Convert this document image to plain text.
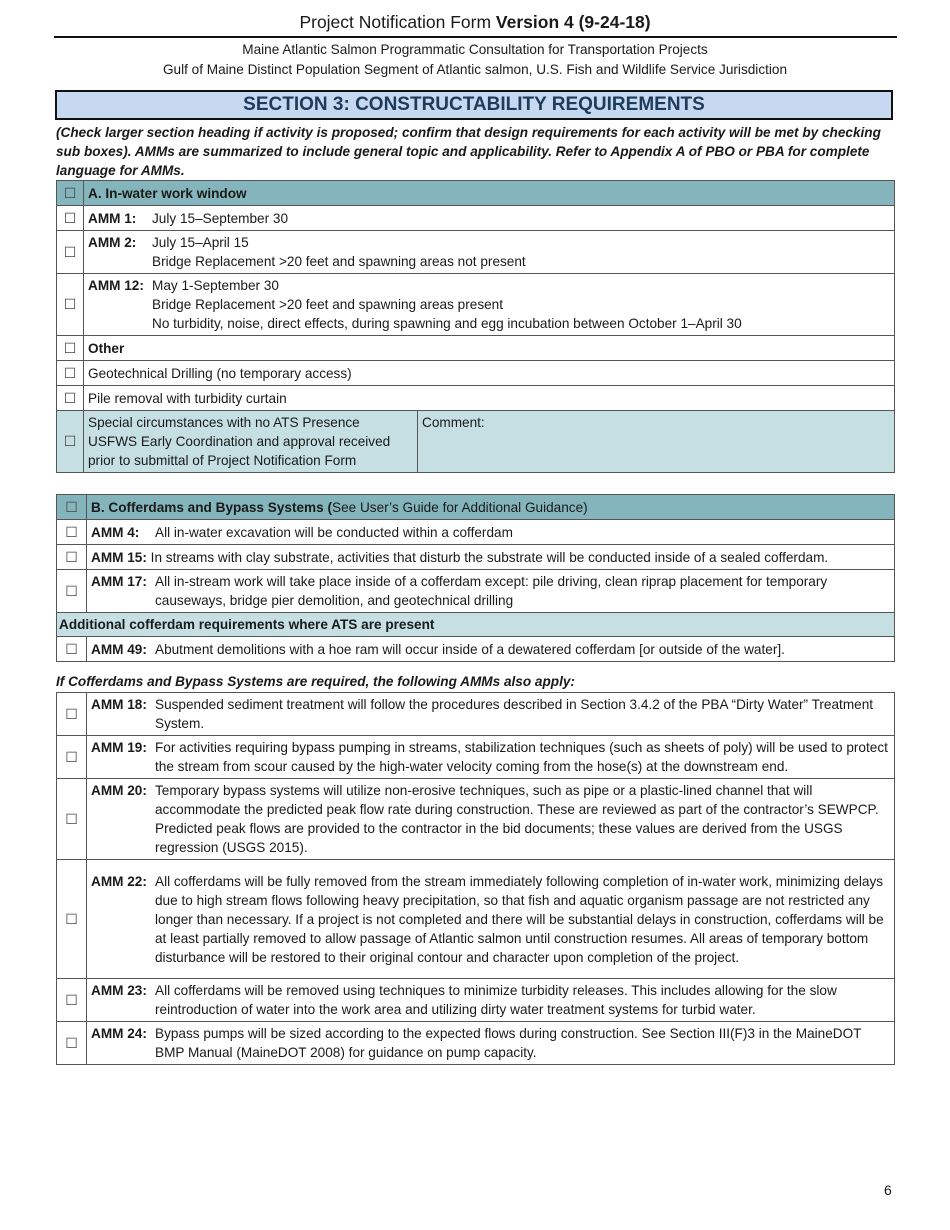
Project Notification Form Version 4 (9-24-18)
Maine Atlantic Salmon Programmatic Consultation for Transportation Projects
Gulf of Maine Distinct Population Segment of Atlantic salmon, U.S. Fish and Wildlife Service Jurisdiction
SECTION 3: CONSTRUCTABILITY REQUIREMENTS
(Check larger section heading if activity is proposed; confirm that design requirements for each activity will be met by checking sub boxes). AMMs are summarized to include general topic and applicability. Refer to Appendix A of PBO or PBA for complete language for AMMs.
☐	A. In-water work window	
☐	AMM 1: July 15–September 30	

☐	AMM 2: July 15–April 15
Bridge Replacement >20 feet and spawning areas not present	

☐	AMM 12: May 1-September 30
Bridge Replacement >20 feet and spawning areas present
No turbidity, noise, direct effects, during spawning and egg incubation between October 1–April 30	

☐	Other	
☐	Geotechnical Drilling (no temporary access)	
☐	Pile removal with turbidity curtain	
☐	Special circumstances with no ATS Presence
USFWS Early Coordination and approval received
prior to submittal of Project Notification Form	Comment:
☐	B. Cofferdams and Bypass Systems (See User’s Guide for Additional Guidance)
☐	AMM 4: All in-water excavation will be conducted within a cofferdam

☐	AMM 15: In streams with clay substrate, activities that disturb the substrate will be conducted inside of a sealed cofferdam.
☐	AMM 17: All in-stream work will take place inside of a cofferdam except: pile driving, clean riprap placement for temporary causeways, bridge pier demolition, and geotechnical drilling

Additional cofferdam requirements where ATS are present	
☐	AMM 49: Abutment demolitions with a hoe ram will occur inside of a dewatered cofferdam [or outside of the water].
If Cofferdams and Bypass Systems are required, the following AMMs also apply:
☐	AMM 18: Suspended sediment treatment will follow the procedures described in Section 3.4.2 of the PBA “Dirty Water” Treatment System.

☐	AMM 19: For activities requiring bypass pumping in streams, stabilization techniques (such as sheets of poly) will be used to protect the stream from scour caused by the high-water velocity coming from the hose(s) at the downstream end.

☐	AMM 20: Temporary bypass systems will utilize non-erosive techniques, such as pipe or a plastic-lined channel that will accommodate the predicted peak flow rate during construction. These are reviewed as part of the contractor’s SEWPCP. Predicted peak flows are provided to the contractor in the bid documents; these values are derived from the USGS regression (USGS 2015).

☐	AMM 22: All cofferdams will be fully removed from the stream immediately following completion of in-water work, minimizing delays due to high stream flows following heavy precipitation, so that fish and aquatic organism passage are not restricted any longer than necessary. If a project is not completed and there will be substantial delays in construction, cofferdams will be at least partially removed to allow passage of Atlantic salmon until construction resumes. All areas of temporary bottom disturbance will be restored to their original contour and character upon completion of the project.

☐	AMM 23: All cofferdams will be removed using techniques to minimize turbidity releases. This includes allowing for the slow reintroduction of water into the work area and utilizing dirty water treatment systems for turbid water.

☐	AMM 24: Bypass pumps will be sized according to the expected flows during construction. See Section III(F)3 in the MaineDOT BMP Manual (MaineDOT 2008) for guidance on pump capacity.
6
